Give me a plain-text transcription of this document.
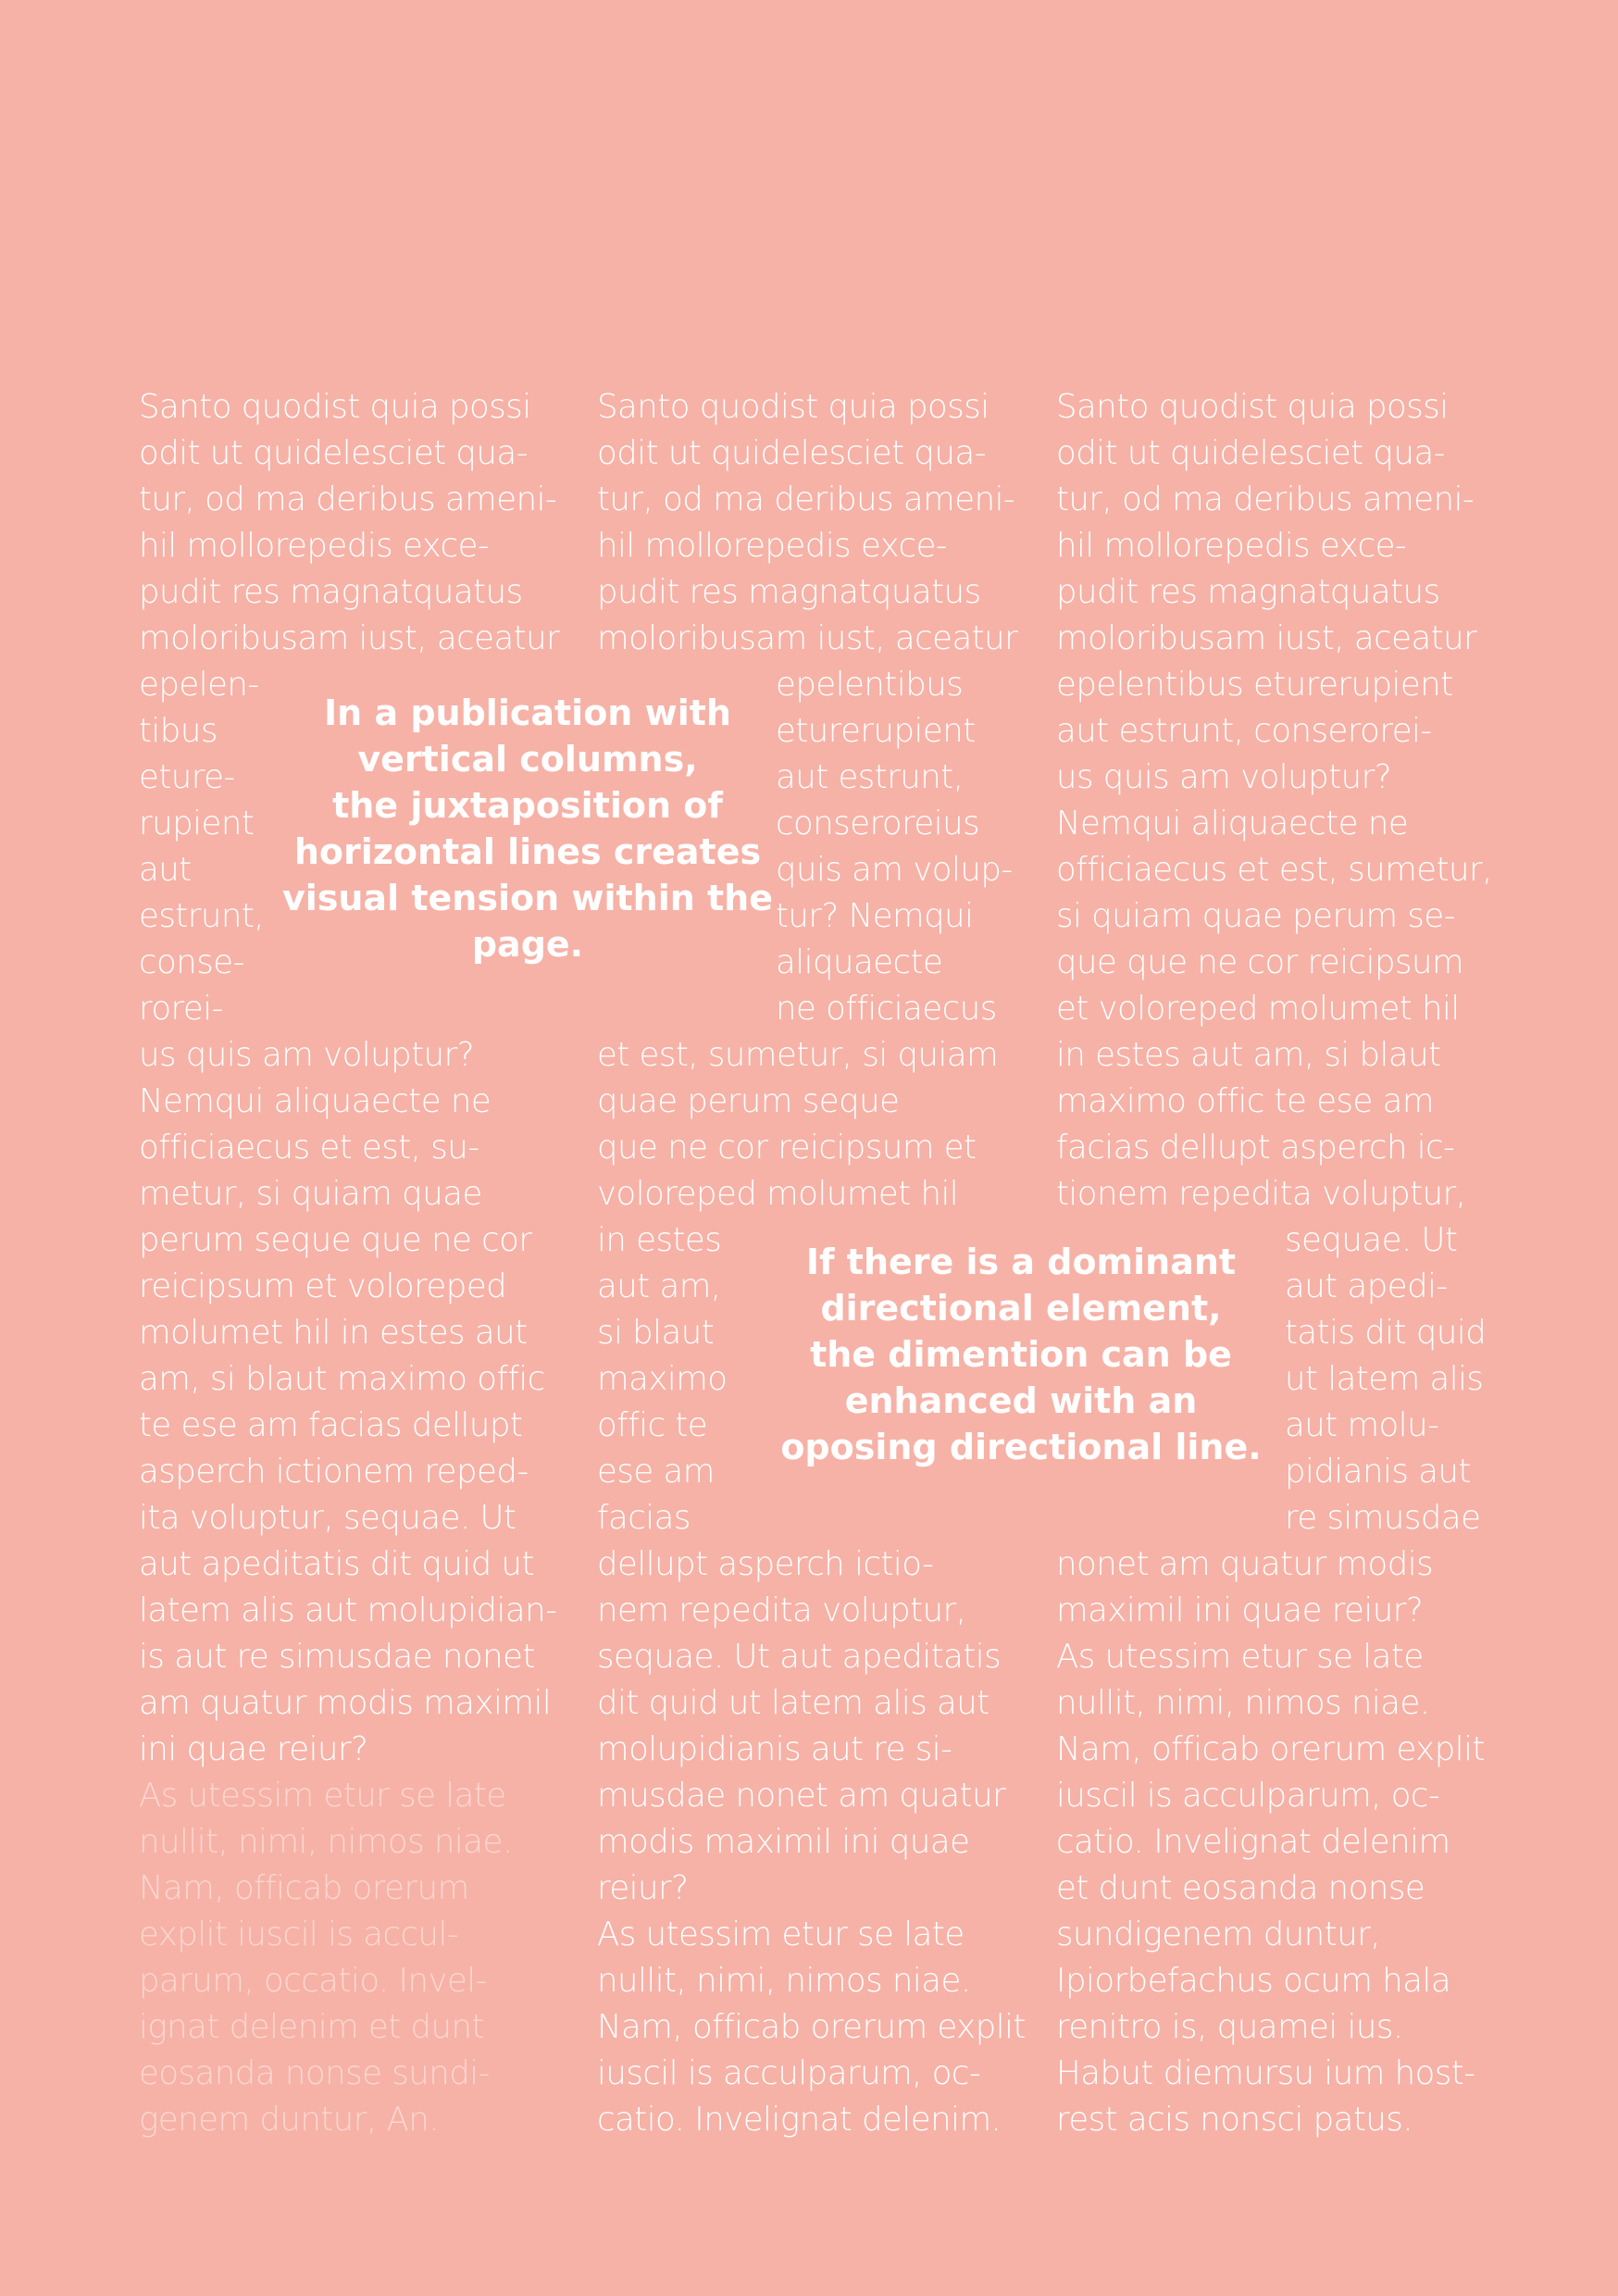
Santo quodist quia possi
odit ut quidelesciet qua-
tur, od ma deribus ameni-
hil mollorepedis exce-
pudit res magnatquatus
moloribusam iust, aceatur
epelen-
tibus
eture-
rupient
aut
estrunt,
conse-
rorei-
us quis am voluptur?
Nemqui aliquaecte ne
officiaecus et est, su-
metur, si quiam quae
perum seque que ne cor
reicipsum et voloreped
molumet hil in estes aut
am, si blaut maximo offic
te ese am facias dellupt
asperch ictionem reped-
ita voluptur, sequae. Ut
aut apeditatis dit quid ut
latem alis aut molupidian-
is aut re simusdae nonet
am quatur modis maximil
ini quae reiur?
As utessim etur se late
nullit, nimi, nimos niae.
Nam, officab orerum
explit iuscil is accul-
parum, occatio. Invel-
ignat delenim et dunt
eosanda nonse sundi-
genem duntur, An.
Santo quodist quia possi
odit ut quidelesciet qua-
tur, od ma deribus ameni-
hil mollorepedis exce-
pudit res magnatquatus
moloribusam iust, aceatur
epelentibus
eturerupient
aut estrunt,
conseroreius
quis am volup-
tur? Nemqui
aliquaecte
ne officiaecus
et est, sumetur, si quiam
quae perum seque
que ne cor reicipsum et
voloreped molumet hil
in estes
aut am,
si blaut
maximo
offic te
ese am
facias
dellupt asperch ictio-
nem repedita voluptur,
sequae. Ut aut apeditatis
dit quid ut latem alis aut
molupidianis aut re si-
musdae nonet am quatur
modis maximil ini quae
reiur?
As utessim etur se late
nullit, nimi, nimos niae.
Nam, officab orerum explit
iuscil is acculparum, oc-
catio. Invelignat delenim.
Santo quodist quia possi
odit ut quidelesciet qua-
tur, od ma deribus ameni-
hil mollorepedis exce-
pudit res magnatquatus
moloribusam iust, aceatur
epelentibus eturerupient
aut estrunt, conserorei-
us quis am voluptur?
Nemqui aliquaecte ne
officiaecus et est, sumetur,
si quiam quae perum se-
que que ne cor reicipsum
et voloreped molumet hil
in estes aut am, si blaut
maximo offic te ese am
facias dellupt asperch ic-
tionem repedita voluptur,
sequae. Ut
aut apedi-
tatis dit quid
ut latem alis
aut molu-
pidianis aut
re simusdae
nonet am quatur modis
maximil ini quae reiur?
As utessim etur se late
nullit, nimi, nimos niae.
Nam, officab orerum explit
iuscil is acculparum, oc-
catio. Invelignat delenim
et dunt eosanda nonse
sundigenem duntur,
Ipiorbefachus ocum hala
renitro is, quamei ius.
Habut diemursu ium host-
rest acis nonsci patus.
In a publication with
vertical columns,
the juxtaposition of
horizontal lines creates
visual tension within the
page.
If there is a dominant
directional element,
the dimention can be
enhanced with an
oposing directional line.
